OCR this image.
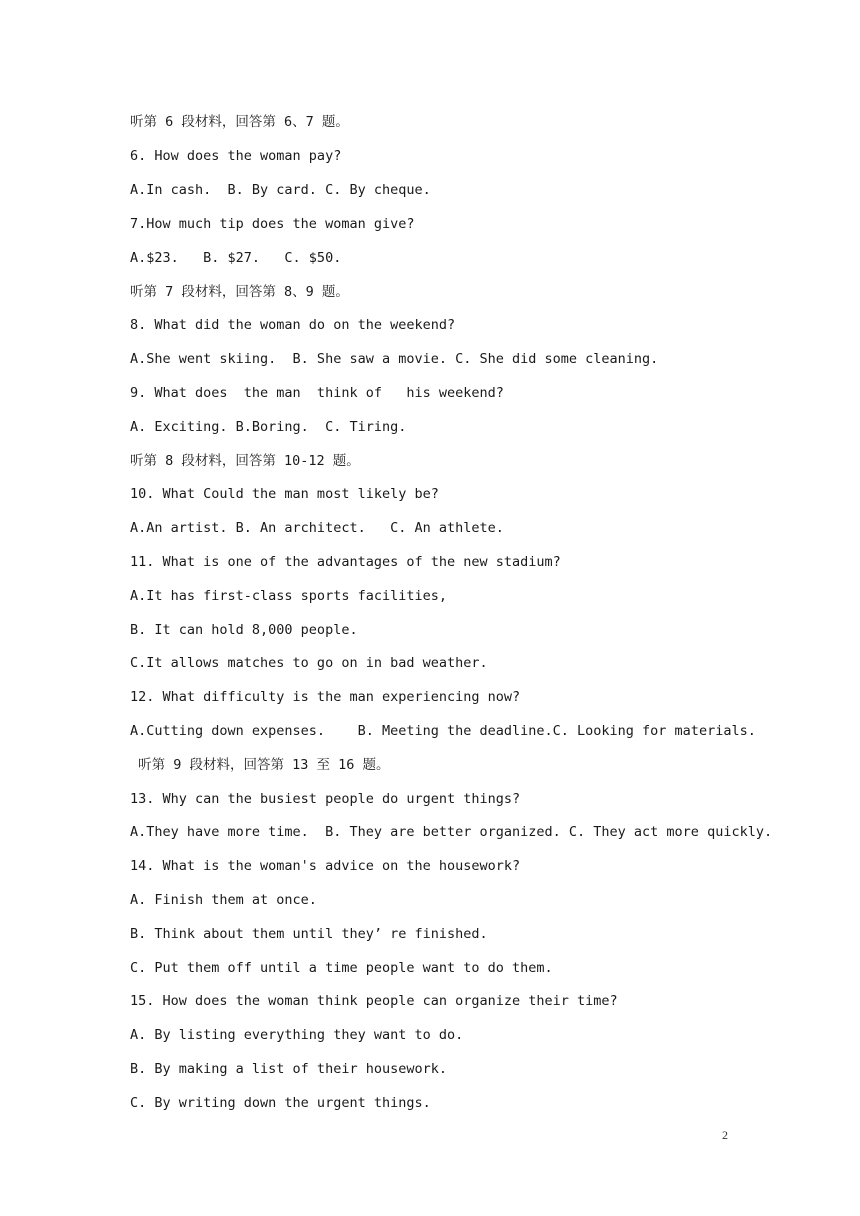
听第 6 段材料，回答第 6、7 题。
6. How does the woman pay?
A.In cash.  B. By card. C. By cheque.
7.How much tip does the woman give?
A.$23.   B. $27.   C. $50.
听第 7 段材料，回答第 8、9 题。
8. What did the woman do on the weekend?
A.She went skiing.  B. She saw a movie. C. She did some cleaning.
9. What does  the man  think of   his weekend?
A. Exciting. B.Boring.  C. Tiring.
听第 8 段材料，回答第 10-12 题。
10. What Could the man most likely be?
A.An artist. B. An architect.   C. An athlete.
11. What is one of the advantages of the new stadium?
A.It has first-class sports facilities,
B. It can hold 8,000 people.
C.It allows matches to go on in bad weather.
12. What difficulty is the man experiencing now?
A.Cutting down expenses.    B. Meeting the deadline.C. Looking for materials.
听第 9 段材料，回答第 13 至 16 题。
13. Why can the busiest people do urgent things?
A.They have more time.  B. They are better organized. C. They act more quickly.
14. What is the woman's advice on the housework?
A. Finish them at once.
B. Think about them until they’ re finished.
C. Put them off until a time people want to do them.
15. How does the woman think people can organize their time?
A. By listing everything they want to do.
B. By making a list of their housework.
C. By writing down the urgent things.
2
